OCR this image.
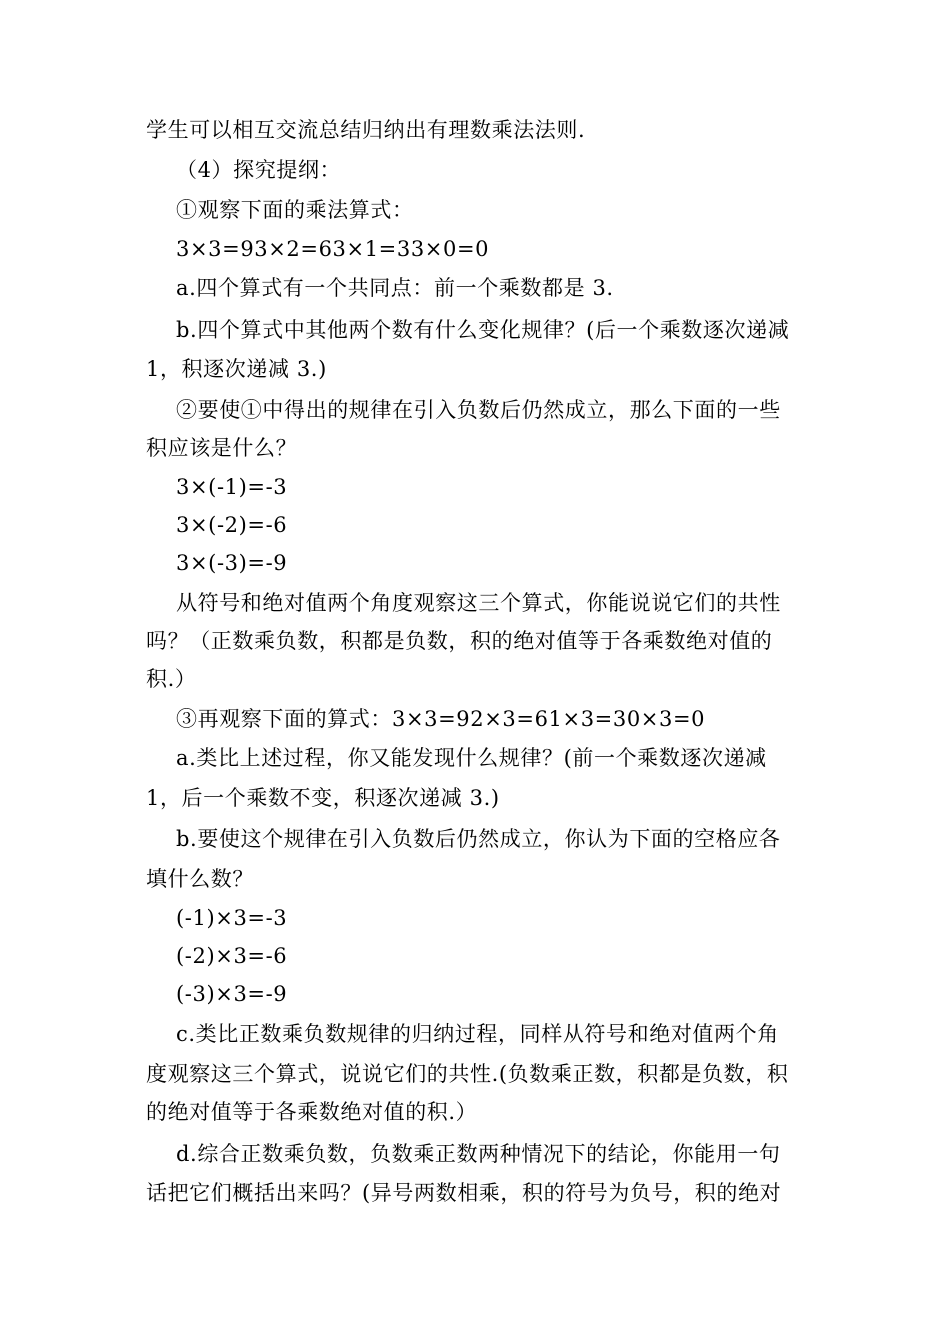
学生可以相互交流总结归纳出有理数乘法法则.
（4）探究提纲：
①观察下面的乘法算式：
3×3=93×2=63×1=33×0=0
a.四个算式有一个共同点：前一个乘数都是 3.
b.四个算式中其他两个数有什么变化规律？(后一个乘数逐次递减
1，积逐次递减 3.)
②要使①中得出的规律在引入负数后仍然成立，那么下面的一些
积应该是什么？
3×(-1)=-3
3×(-2)=-6
3×(-3)=-9
从符号和绝对值两个角度观察这三个算式，你能说说它们的共性
吗？（正数乘负数，积都是负数，积的绝对值等于各乘数绝对值的
积.）
③再观察下面的算式：3×3=92×3=61×3=30×3=0
a.类比上述过程，你又能发现什么规律？(前一个乘数逐次递减
1，后一个乘数不变，积逐次递减 3.)
b.要使这个规律在引入负数后仍然成立，你认为下面的空格应各
填什么数？
(-1)×3=-3
(-2)×3=-6
(-3)×3=-9
c.类比正数乘负数规律的归纳过程，同样从符号和绝对值两个角
度观察这三个算式，说说它们的共性.(负数乘正数，积都是负数，积
的绝对值等于各乘数绝对值的积.）
d.综合正数乘负数，负数乘正数两种情况下的结论，你能用一句
话把它们概括出来吗？(异号两数相乘，积的符号为负号，积的绝对
